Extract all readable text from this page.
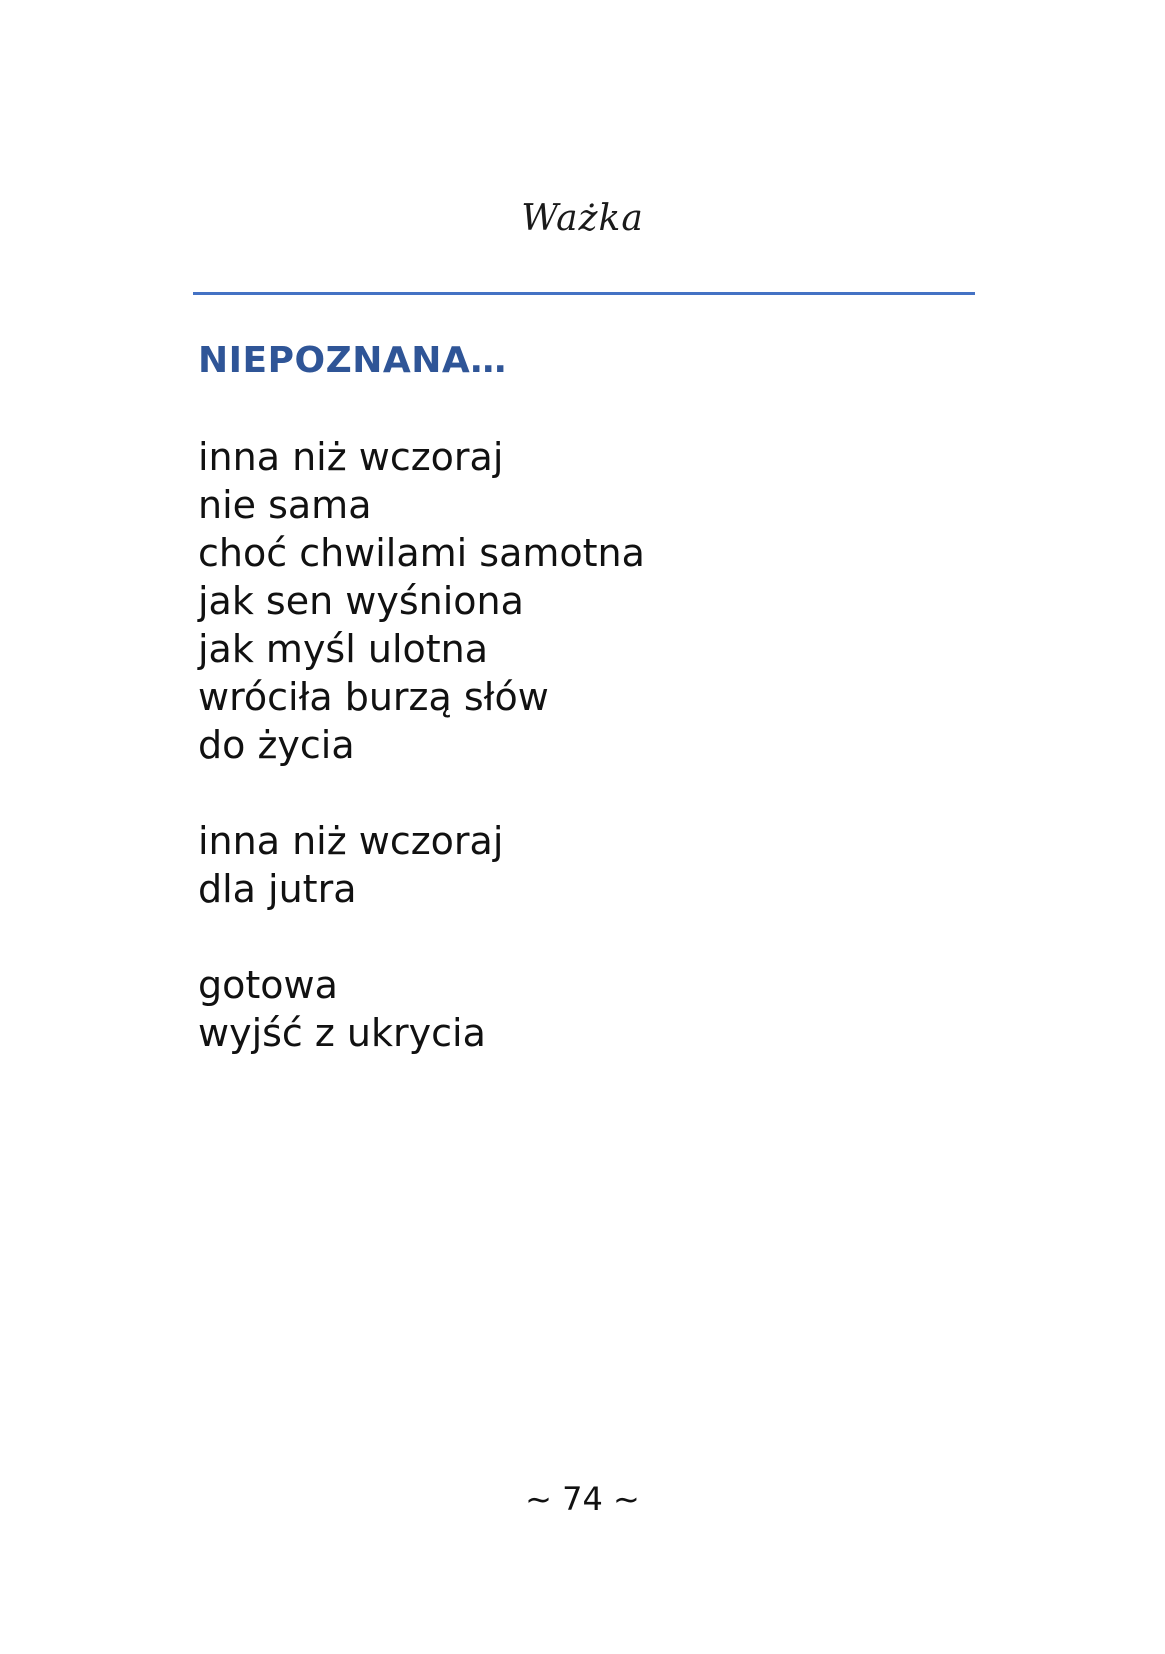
Ważka
NIEPOZNANA…
inna niż wczoraj
nie sama
choć chwilami samotna
jak sen wyśniona
jak myśl ulotna
wróciła burzą słów
do życia
inna niż wczoraj
dla jutra
gotowa
wyjść z ukrycia
~ 74 ~
